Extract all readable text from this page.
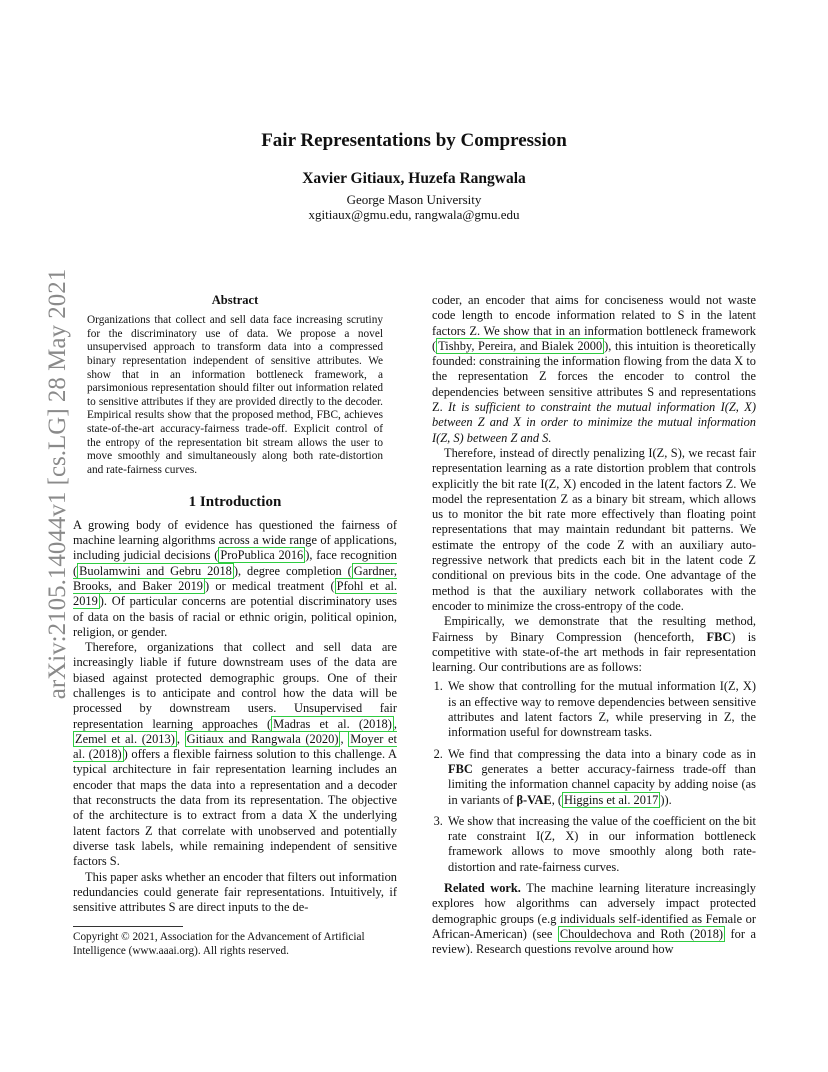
arXiv:2105.14044v1 [cs.LG] 28 May 2021
Fair Representations by Compression
Xavier Gitiaux, Huzefa Rangwala
George Mason University
xgitiaux@gmu.edu, rangwala@gmu.edu
Abstract

Organizations that collect and sell data face increasing scrutiny for the discriminatory use of data. We propose a novel unsupervised approach to transform data into a compressed binary representation independent of sensitive attributes. We show that in an information bottleneck framework, a parsimonious representation should filter out information related to sensitive attributes if they are provided directly to the decoder. Empirical results show that the proposed method, FBC, achieves state-of-the-art accuracy-fairness trade-off. Explicit control of the entropy of the representation bit stream allows the user to move smoothly and simultaneously along both rate-distortion and rate-fairness curves.

1 Introduction

A growing body of evidence has questioned the fairness of machine learning algorithms across a wide range of applications, including judicial decisions ( ProPublica 2016 ), face recognition ( Buolamwini and Gebru 2018 ), degree completion ( Gardner, Brooks, and Baker 2019 ) or medical treatment ( Pfohl et al. 2019 ). Of particular concerns are potential discriminatory uses of data on the basis of racial or ethnic origin, political opinion, religion, or gender.

Therefore, organizations that collect and sell data are increasingly liable if future downstream uses of the data are biased against protected demographic groups. One of their challenges is to anticipate and control how the data will be processed by downstream users. Unsupervised fair representation learning approaches ( Madras et al. (2018) , Zemel et al. (2013) , Gitiaux and Rangwala (2020) , Moyer et al. (2018) ) offers a flexible fairness solution to this challenge. A typical architecture in fair representation learning includes an encoder that maps the data into a representation and a decoder that reconstructs the data from its representation. The objective of the architecture is to extract from a data X the underlying latent factors Z that correlate with unobserved and potentially diverse task labels, while remaining independent of sensitive factors S.

This paper asks whether an encoder that filters out information redundancies could generate fair representations. Intuitively, if sensitive attributes S are direct inputs to the de-

Copyright © 2021, Association for the Advancement of Artificial Intelligence (www.aaai.org). All rights reserved.

coder, an encoder that aims for conciseness would not waste code length to encode information related to S in the latent factors Z. We show that in an information bottleneck framework ( Tishby, Pereira, and Bialek 2000 ), this intuition is theoretically founded: constraining the information flowing from the data X to the representation Z forces the encoder to control the dependencies between sensitive attributes S and representations Z. It is sufficient to constraint the mutual information I(Z, X) between Z and X in order to minimize the mutual information I(Z, S) between Z and S.

Therefore, instead of directly penalizing I(Z, S), we recast fair representation learning as a rate distortion problem that controls explicitly the bit rate I(Z, X) encoded in the latent factors Z. We model the representation Z as a binary bit stream, which allows us to monitor the bit rate more effectively than floating point representations that may maintain redundant bit patterns. We estimate the entropy of the code Z with an auxiliary auto-regressive network that predicts each bit in the latent code Z conditional on previous bits in the code. One advantage of the method is that the auxiliary network collaborates with the encoder to minimize the cross-entropy of the code.

Empirically, we demonstrate that the resulting method, Fairness by Binary Compression (henceforth, FBC) is competitive with state-of-the art methods in fair representation learning. Our contributions are as follows:

1. We show that controlling for the mutual information I(Z, X) is an effective way to remove dependencies between sensitive attributes and latent factors Z, while preserving in Z, the information useful for downstream tasks.
2. We find that compressing the data into a binary code as in FBC generates a better accuracy-fairness trade-off than limiting the information channel capacity by adding noise (as in variants of β-VAE, ( Higgins et al. 2017 )).
3. We show that increasing the value of the coefficient on the bit rate constraint I(Z, X) in our information bottleneck framework allows to move smoothly along both rate-distortion and rate-fairness curves.

Related work. The machine learning literature increasingly explores how algorithms can adversely impact protected demographic groups (e.g individuals self-identified as Female or African-American) (see Chouldechova and Roth (2018) for a review). Research questions revolve around how
